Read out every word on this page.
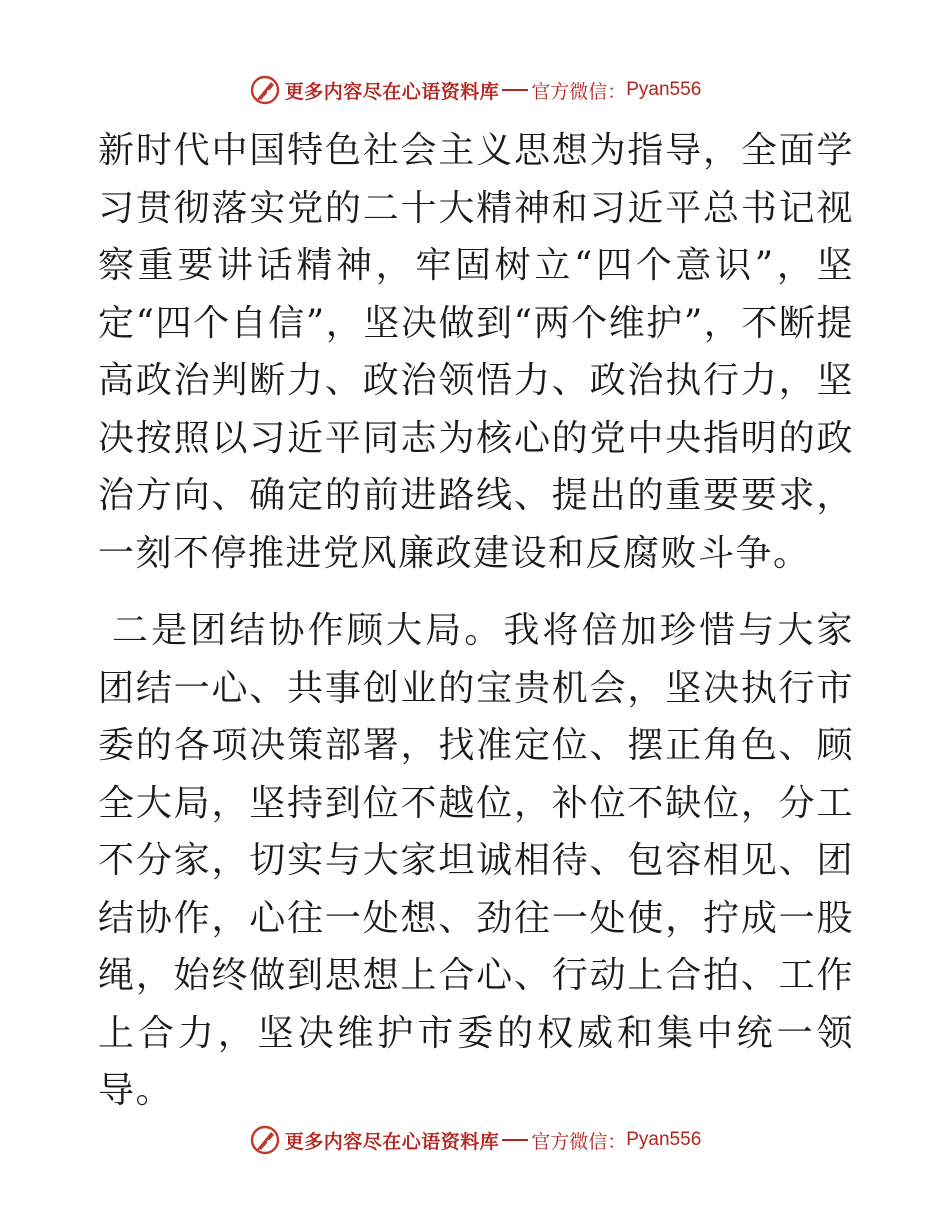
更多内容尽在心语资料库 官方微信： Pyan556

新时代中国特色社会主义思想为指导，全面学习贯彻落实党的二十大精神和习近平总书记视察重要讲话精神，牢固树立“四个意识”，坚定“四个自信”，坚决做到“两个维护”，不断提高政治判断力、政治领悟力、政治执行力，坚决按照以习近平同志为核心的党中央指明的政治方向、确定的前进路线、提出的重要要求，一刻不停推进党风廉政建设和反腐败斗争。

二是团结协作顾大局。我将倍加珍惜与大家团结一心、共事创业的宝贵机会，坚决执行市委的各项决策部署，找准定位、摆正角色、顾全大局，坚持到位不越位，补位不缺位，分工不分家，切实与大家坦诚相待、包容相见、团结协作，心往一处想、劲往一处使，拧成一股绳，始终做到思想上合心、行动上合拍、工作上合力，坚决维护市委的权威和集中统一领导。

更多内容尽在心语资料库 官方微信： Pyan556
